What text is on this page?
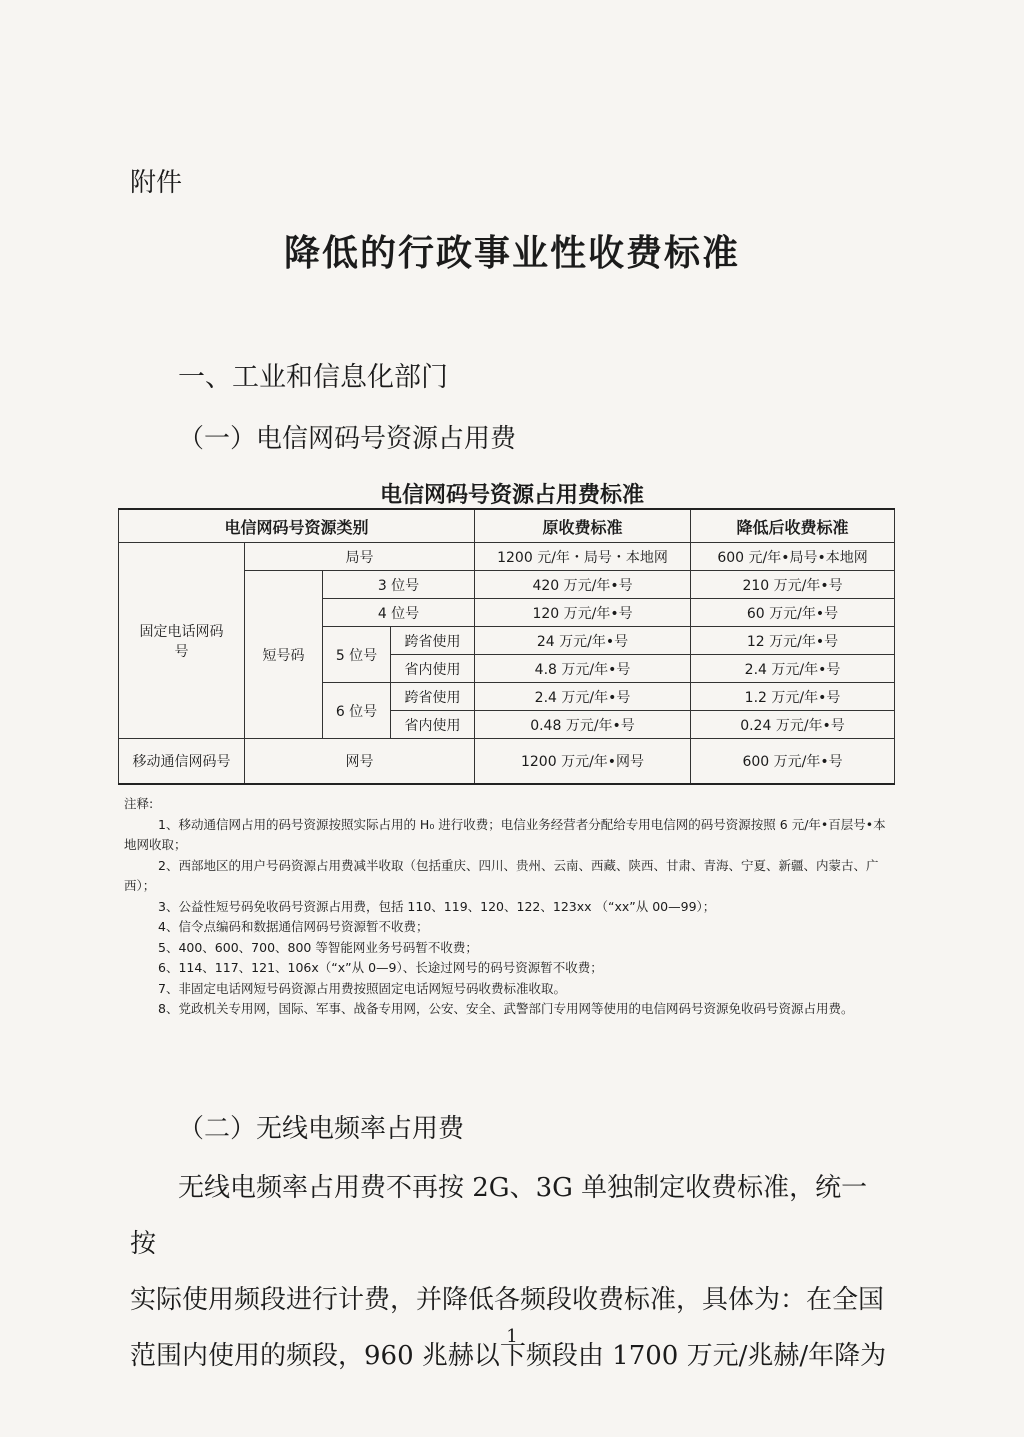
附件
降低的行政事业性收费标准
一、工业和信息化部门
（一）电信网码号资源占用费
电信网码号资源占用费标准
电信网码号资源类别				原收费标准	降低后收费标准
固定电话网码号	局号			1200 元/年・局号・本地网	600 元/年•局号•本地网
	短号码	3 位号		420 万元/年•号	210 万元/年•号
		4 位号		120 万元/年•号	60 万元/年•号
		5 位号	跨省使用	24 万元/年•号	12 万元/年•号
			省内使用	4.8 万元/年•号	2.4 万元/年•号
		6 位号	跨省使用	2.4 万元/年•号	1.2 万元/年•号
			省内使用	0.48 万元/年•号	0.24 万元/年•号
移动通信网码号	网号			1200 万元/年•网号	600 万元/年•号
注释:
1、移动通信网占用的码号资源按照实际占用的 H₀ 进行收费；电信业务经营者分配给专用电信网的码号资源按照 6 元/年•百层号•本地网收取；
2、西部地区的用户号码资源占用费减半收取（包括重庆、四川、贵州、云南、西藏、陕西、甘肃、青海、宁夏、新疆、内蒙古、广西）；
3、公益性短号码免收码号资源占用费，包括 110、119、120、122、123xx （“xx”从 00—99）；
4、信令点编码和数据通信网码号资源暂不收费；
5、400、600、700、800 等智能网业务号码暂不收费；
6、114、117、121、106x（“x”从 0—9）、长途过网号的码号资源暂不收费；
7、非固定电话网短号码资源占用费按照固定电话网短号码收费标准收取。
8、党政机关专用网，国际、军事、战备专用网，公安、安全、武警部门专用网等使用的电信网码号资源免收码号资源占用费。
（二）无线电频率占用费
无线电频率占用费不再按 2G、3G 单独制定收费标准，统一按
实际使用频段进行计费，并降低各频段收费标准，具体为：在全国
范围内使用的频段，960 兆赫以下频段由 1700 万元/兆赫/年降为
1
